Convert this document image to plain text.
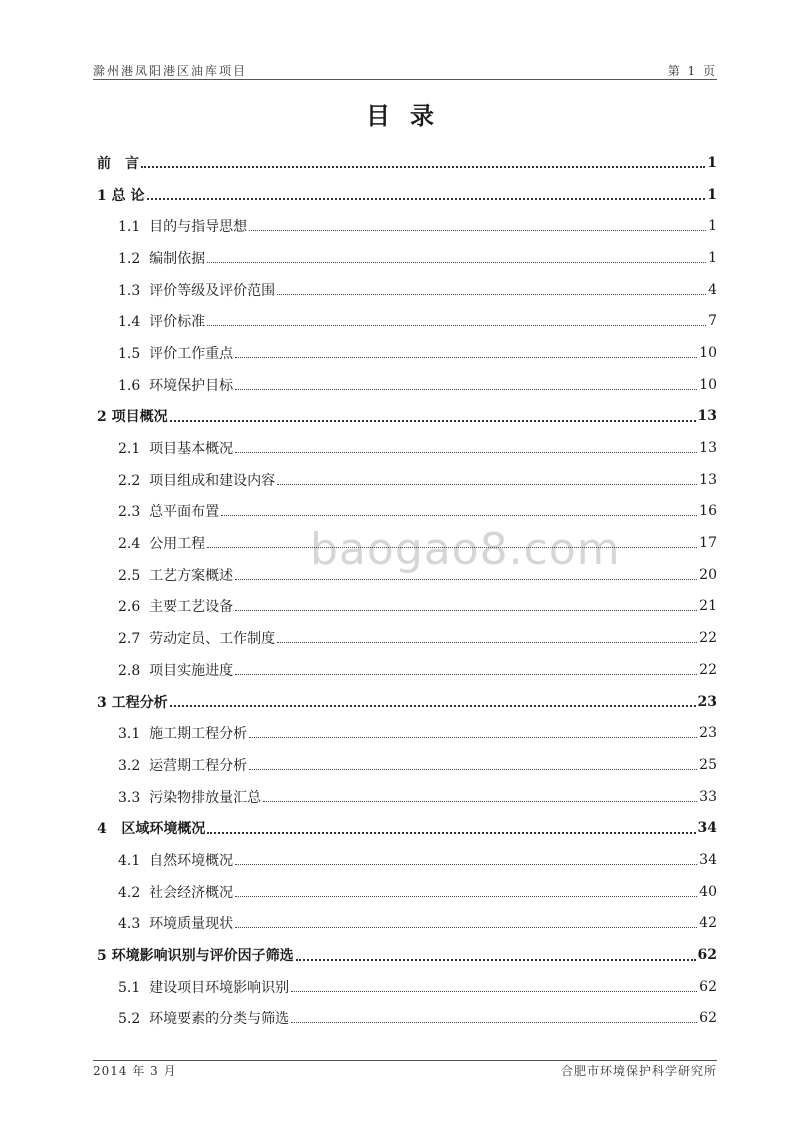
滁州港凤阳港区油库项目	第 1 页
目录
baogao8.com
前　言	1
1 总 论	1
1.1  目的与指导思想	1
1.2  编制依据	1
1.3  评价等级及评价范围	4
1.4  评价标准	7
1.5  评价工作重点	10
1.6  环境保护目标	10
2 项目概况	13
2.1  项目基本概况	13
2.2  项目组成和建设内容	13
2.3  总平面布置	16
2.4  公用工程	17
2.5  工艺方案概述	20
2.6  主要工艺设备	21
2.7  劳动定员、工作制度	22
2.8  项目实施进度	22
3 工程分析	23
3.1  施工期工程分析	23
3.2  运营期工程分析	25
3.3  污染物排放量汇总	33
4   区域环境概况	34
4.1  自然环境概况	34
4.2  社会经济概况	40
4.3  环境质量现状	42
5 环境影响识别与评价因子筛选	62
5.1  建设项目环境影响识别	62
5.2  环境要素的分类与筛选	62
2014 年 3 月	合肥市环境保护科学研究所
